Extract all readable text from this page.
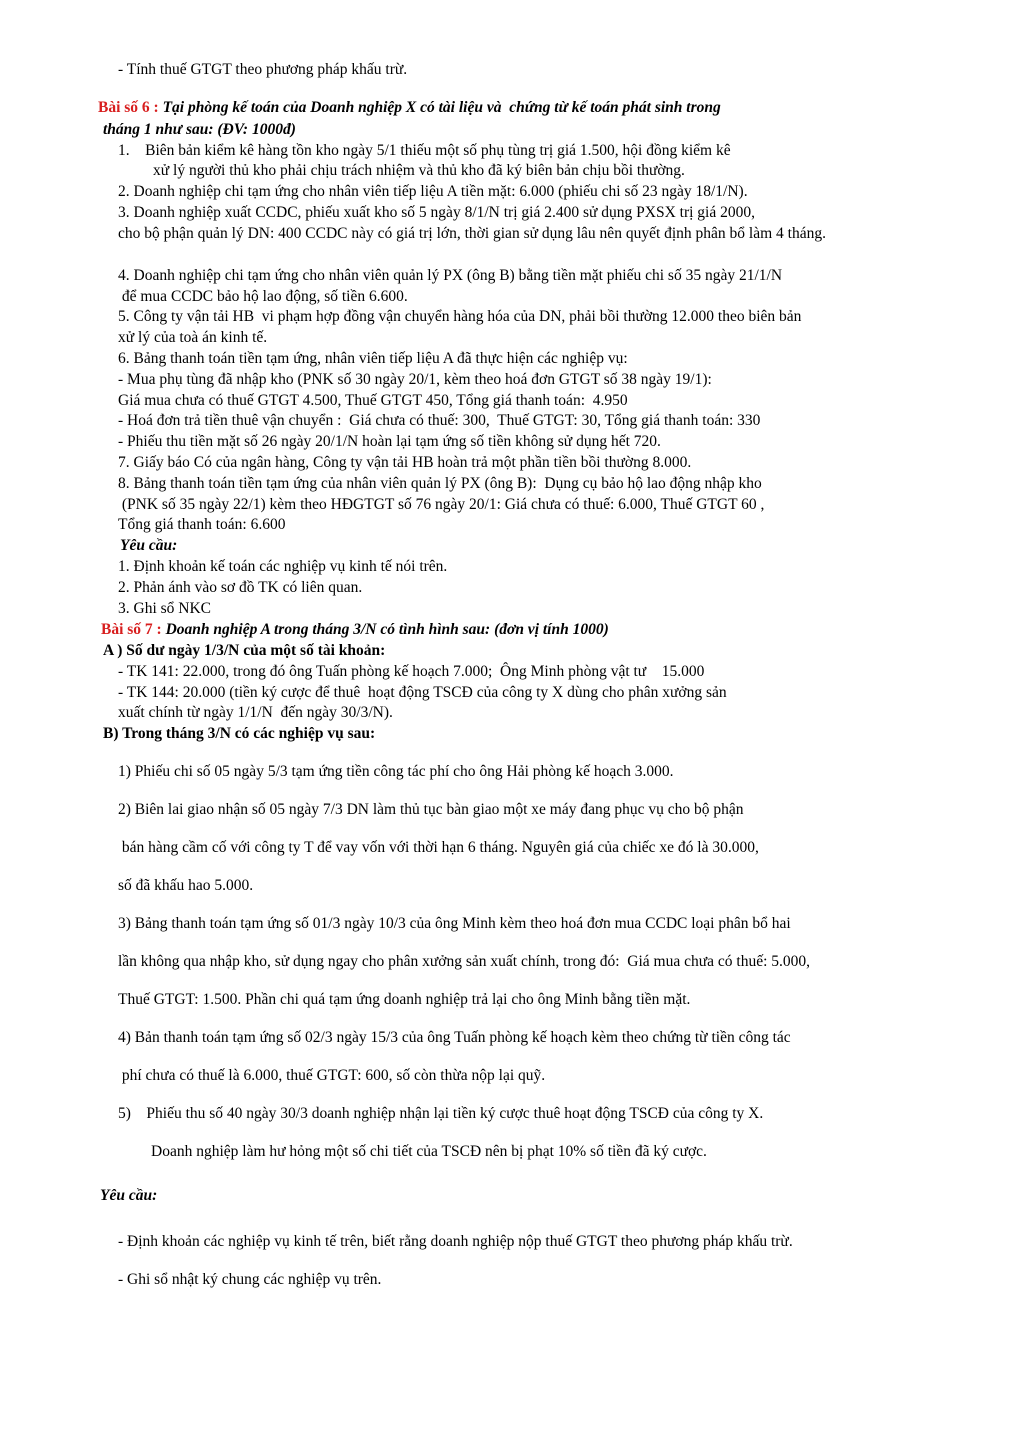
- Tính thuế GTGT theo phương pháp khấu trừ.
Bài số 6 : Tại phòng kế toán của Doanh nghiệp X có tài liệu và  chứng từ kế toán phát sinh trong
tháng 1 như sau: (ĐV: 1000đ)
1.    Biên bản kiểm kê hàng tồn kho ngày 5/1 thiếu một số phụ tùng trị giá 1.500, hội đồng kiểm kê
xử lý người thủ kho phải chịu trách nhiệm và thủ kho đã ký biên bản chịu bồi thường.
2. Doanh nghiệp chi tạm ứng cho nhân viên tiếp liệu A tiền mặt: 6.000 (phiếu chi số 23 ngày 18/1/N).
3. Doanh nghiệp xuất CCDC, phiếu xuất kho số 5 ngày 8/1/N trị giá 2.400 sử dụng PXSX trị giá 2000,
cho bộ phận quản lý DN: 400 CCDC này có giá trị lớn, thời gian sử dụng lâu nên quyết định phân bổ làm 4 tháng.
4. Doanh nghiệp chi tạm ứng cho nhân viên quản lý PX (ông B) bằng tiền mặt phiếu chi số 35 ngày 21/1/N
để mua CCDC bảo hộ lao động, số tiền 6.600.
5. Công ty vận tải HB  vi phạm hợp đồng vận chuyển hàng hóa của DN, phải bồi thường 12.000 theo biên bản
xử lý của toà án kinh tế.
6. Bảng thanh toán tiền tạm ứng, nhân viên tiếp liệu A đã thực hiện các nghiệp vụ:
- Mua phụ tùng đã nhập kho (PNK số 30 ngày 20/1, kèm theo hoá đơn GTGT số 38 ngày 19/1):
Giá mua chưa có thuế GTGT 4.500, Thuế GTGT 450, Tổng giá thanh toán:  4.950
- Hoá đơn trả tiền thuê vận chuyển :  Giá chưa có thuế: 300,  Thuế GTGT: 30, Tổng giá thanh toán: 330
- Phiếu thu tiền mặt số 26 ngày 20/1/N hoàn lại tạm ứng số tiền không sử dụng hết 720.
7. Giấy báo Có của ngân hàng, Công ty vận tải HB hoàn trả một phần tiền bồi thường 8.000.
8. Bảng thanh toán tiền tạm ứng của nhân viên quản lý PX (ông B):  Dụng cụ bảo hộ lao động nhập kho
(PNK số 35 ngày 22/1) kèm theo HĐGTGT số 76 ngày 20/1: Giá chưa có thuế: 6.000, Thuế GTGT 60 ,
Tổng giá thanh toán: 6.600
Yêu cầu:
1. Định khoản kế toán các nghiệp vụ kinh tế nói trên.
2. Phản ánh vào sơ đồ TK có liên quan.
3. Ghi sổ NKC
Bài số 7 : Doanh nghiệp A trong tháng 3/N có tình hình sau: (đơn vị tính 1000)
A ) Số dư ngày 1/3/N của một số tài khoản:
- TK 141: 22.000, trong đó ông Tuấn phòng kế hoạch 7.000;  Ông Minh phòng vật tư    15.000
- TK 144: 20.000 (tiền ký cược để thuê  hoạt động TSCĐ của công ty X dùng cho phân xưởng sản
xuất chính từ ngày 1/1/N  đến ngày 30/3/N).
B) Trong tháng 3/N có các nghiệp vụ sau:
1) Phiếu chi số 05 ngày 5/3 tạm ứng tiền công tác phí cho ông Hải phòng kế hoạch 3.000.
2) Biên lai giao nhận số 05 ngày 7/3 DN làm thủ tục bàn giao một xe máy đang phục vụ cho bộ phận
bán hàng cầm cố với công ty T để vay vốn với thời hạn 6 tháng. Nguyên giá của chiếc xe đó là 30.000,
số đã khấu hao 5.000.
3) Bảng thanh toán tạm ứng số 01/3 ngày 10/3 của ông Minh kèm theo hoá đơn mua CCDC loại phân bổ hai
lần không qua nhập kho, sử dụng ngay cho phân xưởng sản xuất chính, trong đó:  Giá mua chưa có thuế: 5.000,
Thuế GTGT: 1.500. Phần chi quá tạm ứng doanh nghiệp trả lại cho ông Minh bằng tiền mặt.
4) Bản thanh toán tạm ứng số 02/3 ngày 15/3 của ông Tuấn phòng kế hoạch kèm theo chứng từ tiền công tác
phí chưa có thuế là 6.000, thuế GTGT: 600, số còn thừa nộp lại quỹ.
5)    Phiếu thu số 40 ngày 30/3 doanh nghiệp nhận lại tiền ký cược thuê hoạt động TSCĐ của công ty X.
Doanh nghiệp làm hư hỏng một số chi tiết của TSCĐ nên bị phạt 10% số tiền đã ký cược.
Yêu cầu:
- Định khoản các nghiệp vụ kinh tế trên, biết rằng doanh nghiệp nộp thuế GTGT theo phương pháp khấu trừ.
- Ghi sổ nhật ký chung các nghiệp vụ trên.
